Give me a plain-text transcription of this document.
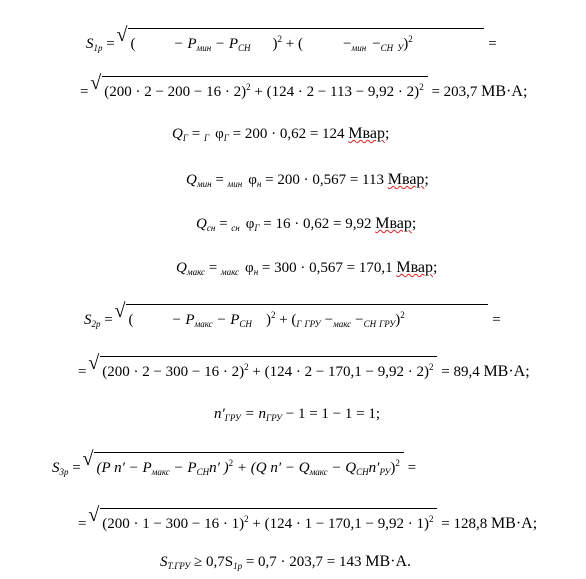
$S_{1р}$ = √ (	− $P_{мин} - P_{СН}$ )$^2$ + (	$-_{мин} -_{СН}$ $_У$)$^2$	=
= √ $(200 \cdot 2 - 200 - 16 \cdot 2)^2 + (124 \cdot 2 - 113 - 9,92 \cdot 2)^2 = 203,7$ МВ·А;
$Q_Г = _Г$ $\varphi_Г = 200 \cdot 0,62 = 124$ Мвар;
$Q_{мин} = _{мин}$ $\varphi_н = 200 \cdot 0,567 = 113$ Мвар;
$Q_{сн} = _{сн}$ $\varphi_Г = 16 \cdot 0,62 = 9,92$ Мвар;
$Q_{макс} = _{макс}$ $\varphi_н = 300 \cdot 0,567 = 170,1$ Мвар;
$S_{2р}$ = √ (	− $P_{макс} - P_{СН}$ )$^2 + (_Г$ $_{ГРУ} -_{макс} -_{СН}$ $_{ГРУ}$)$^2$	=
= √ $(200 \cdot 2 - 300 - 16 \cdot 2)^2 + (124 \cdot 2 - 170,1 - 9,92 \cdot 2)^2 = 89,4$ МВ·А;
$n'_{ГРУ} = n_{ГРУ} - 1 = 1 - 1 = 1$;
$S_{3р}$ = √ (P $n' - P_{макс} - P_{СН}n'$ )$^2$ + (Q $n' - Q_{макс} - Q_{СН}n'_{РУ})^2$ =
= √ $(200 \cdot 1 - 300 - 16 \cdot 1)^2 + (124 \cdot 1 - 170,1 - 9,92 \cdot 1)^2 = 128,8$ МВ·А;
$S_{Т.ГРУ} \ge 0,7S_{1р} = 0,7 \cdot 203,7 = 143$ МВ·А.
